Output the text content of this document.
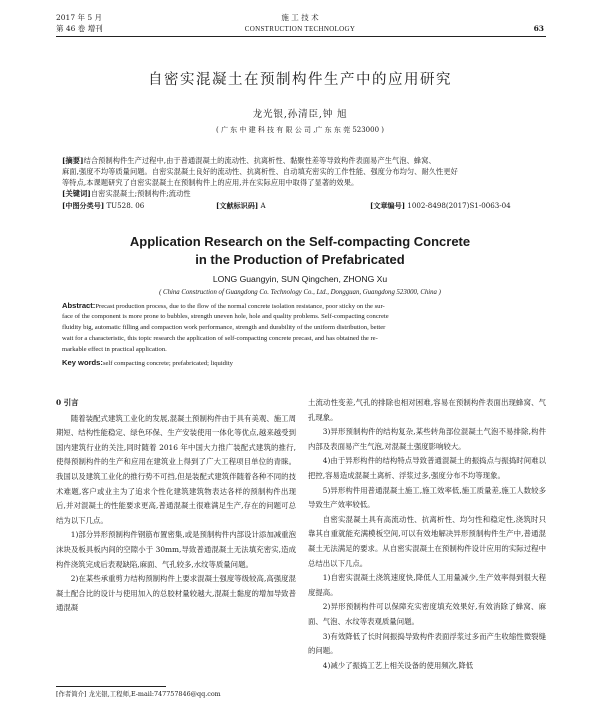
2017 年 5 月
第 46 卷 增刊
施 工 技 术
CONSTRUCTION TECHNOLOGY	63
自密实混凝土在预制构件生产中的应用研究
龙光银,孙清臣,钟 旭
( 广 东 中 建 科 技 有 限 公 司 ,广 东 东 莞 523000 )
[摘要]结合预制构件生产过程中,由于普通混凝土的流动性、抗离析性、黏聚性差等导致构件表面易产生气泡、蜂窝、
麻面,强度不均等质量问题。自密实混凝土良好的流动性、抗离析性、自动填充密实的工作性能、强度分布均匀、耐久性更好
等特点,本课题研究了自密实混凝土在预制构件上的应用,并在实际应用中取得了显著的效果。
[关键词]自密实混凝土;预制构件;流动性
[中图分类号] TU528. 06	[文献标识码] A	[文章编号] 1002-8498(2017)S1-0063-04
Application Research on the Self-compacting Concrete
in the Production of Prefabricated
LONG Guangyin, SUN Qingchen, ZHONG Xu
( China Construction of Guangdong Co. Technology Co., Ltd., Dongguan, Guangdong 523000, China )
Abstract:Precast production process, due to the flow of the normal concrete isolation resistance, poor sticky on the sur-
face of the component is more prone to bubbles, strength uneven hole, hole and quality problems. Self-compacting concrete
fluidity big, automatic filling and compaction work performance, strength and durability of the uniform distribution, better
wait for a characteristic, this topic research the application of self-compacting concrete precast, and has obtained the re-
markable effect in practical application.
Key words:self compacting concrete; prefabricated; liquidity

0 引言

随着装配式建筑工业化的发展,混凝土预制构件由于具有美观、施工周期短、结构性能稳定、绿色环保、生产安装使用一体化等优点,越来越受到国内建筑行业的关注,同时随着 2016 年中国大力推广装配式建筑的推行,使得预制构件的生产和应用在建筑业上得到了广大工程项目单位的青睐。我国以及建筑工业化的推行势不可挡,但是装配式建筑伴随着各种不同的技术难题,客户或业主为了追求个性化建筑建筑物表达各样的预制构件出现后,并对混凝土的性能要求更高,普通混凝土很难满足生产,存在的问题可总结为以下几点。

1)部分异形预制构件钢筋布置密集,或是预制构件内部设计添加减重泡沫块及板具板内间的空隙小于 30mm,导致普通混凝土无法填充密实,造成构件浇筑完成后表观缺陷,麻面、气孔较多,水纹等质量问题。

2)在某些承重剪力结构预制构件上要求混凝土强度等级较高,高强度混凝土配合比的设计与使用加入的总胶材量较越大,混凝土黏度的增加导致普通混凝

土流动性变差,气孔的排除也相对困难,容易在预制构件表面出现蜂窝、气孔现象。

3)异形预制构件的结构复杂,某些转角部位混凝土气泡不易排除,构件内部及表面易产生气泡,对混凝土强度影响较大。

4)由于异形构件的结构特点导致普通混凝土的振捣点与振捣时间难以把控,容易造成混凝土离析、浮浆过多,强度分布不均等现象。

5)异形构件用普通混凝土施工,施工效率低,施工质量差,施工人数较多导致生产效率较低。

自密实混凝土具有高流动性、抗离析性、均匀性和稳定性,浇筑时只靠其自重就能充满模板空间,可以有效地解决异形预制构件生产中,普通混凝土无法满足的要求。从自密实混凝土在预制构件设计应用的实际过程中总结出以下几点。

1)自密实混凝土浇筑速度快,降低人工用量减少,生产效率得到很大程度提高。

2)异形预制构件可以保障充实密度填充效果好,有效消除了蜂窝、麻面、气泡、水纹等表观质量问题。

3)有效降低了长时间振捣导致构件表面浮浆过多而产生收缩性微裂缝的问题。

4)减少了振捣工艺上相关设备的使用频次,降低

[作者简介] 龙光银,工程师,E-mail:747757846@qq.com
